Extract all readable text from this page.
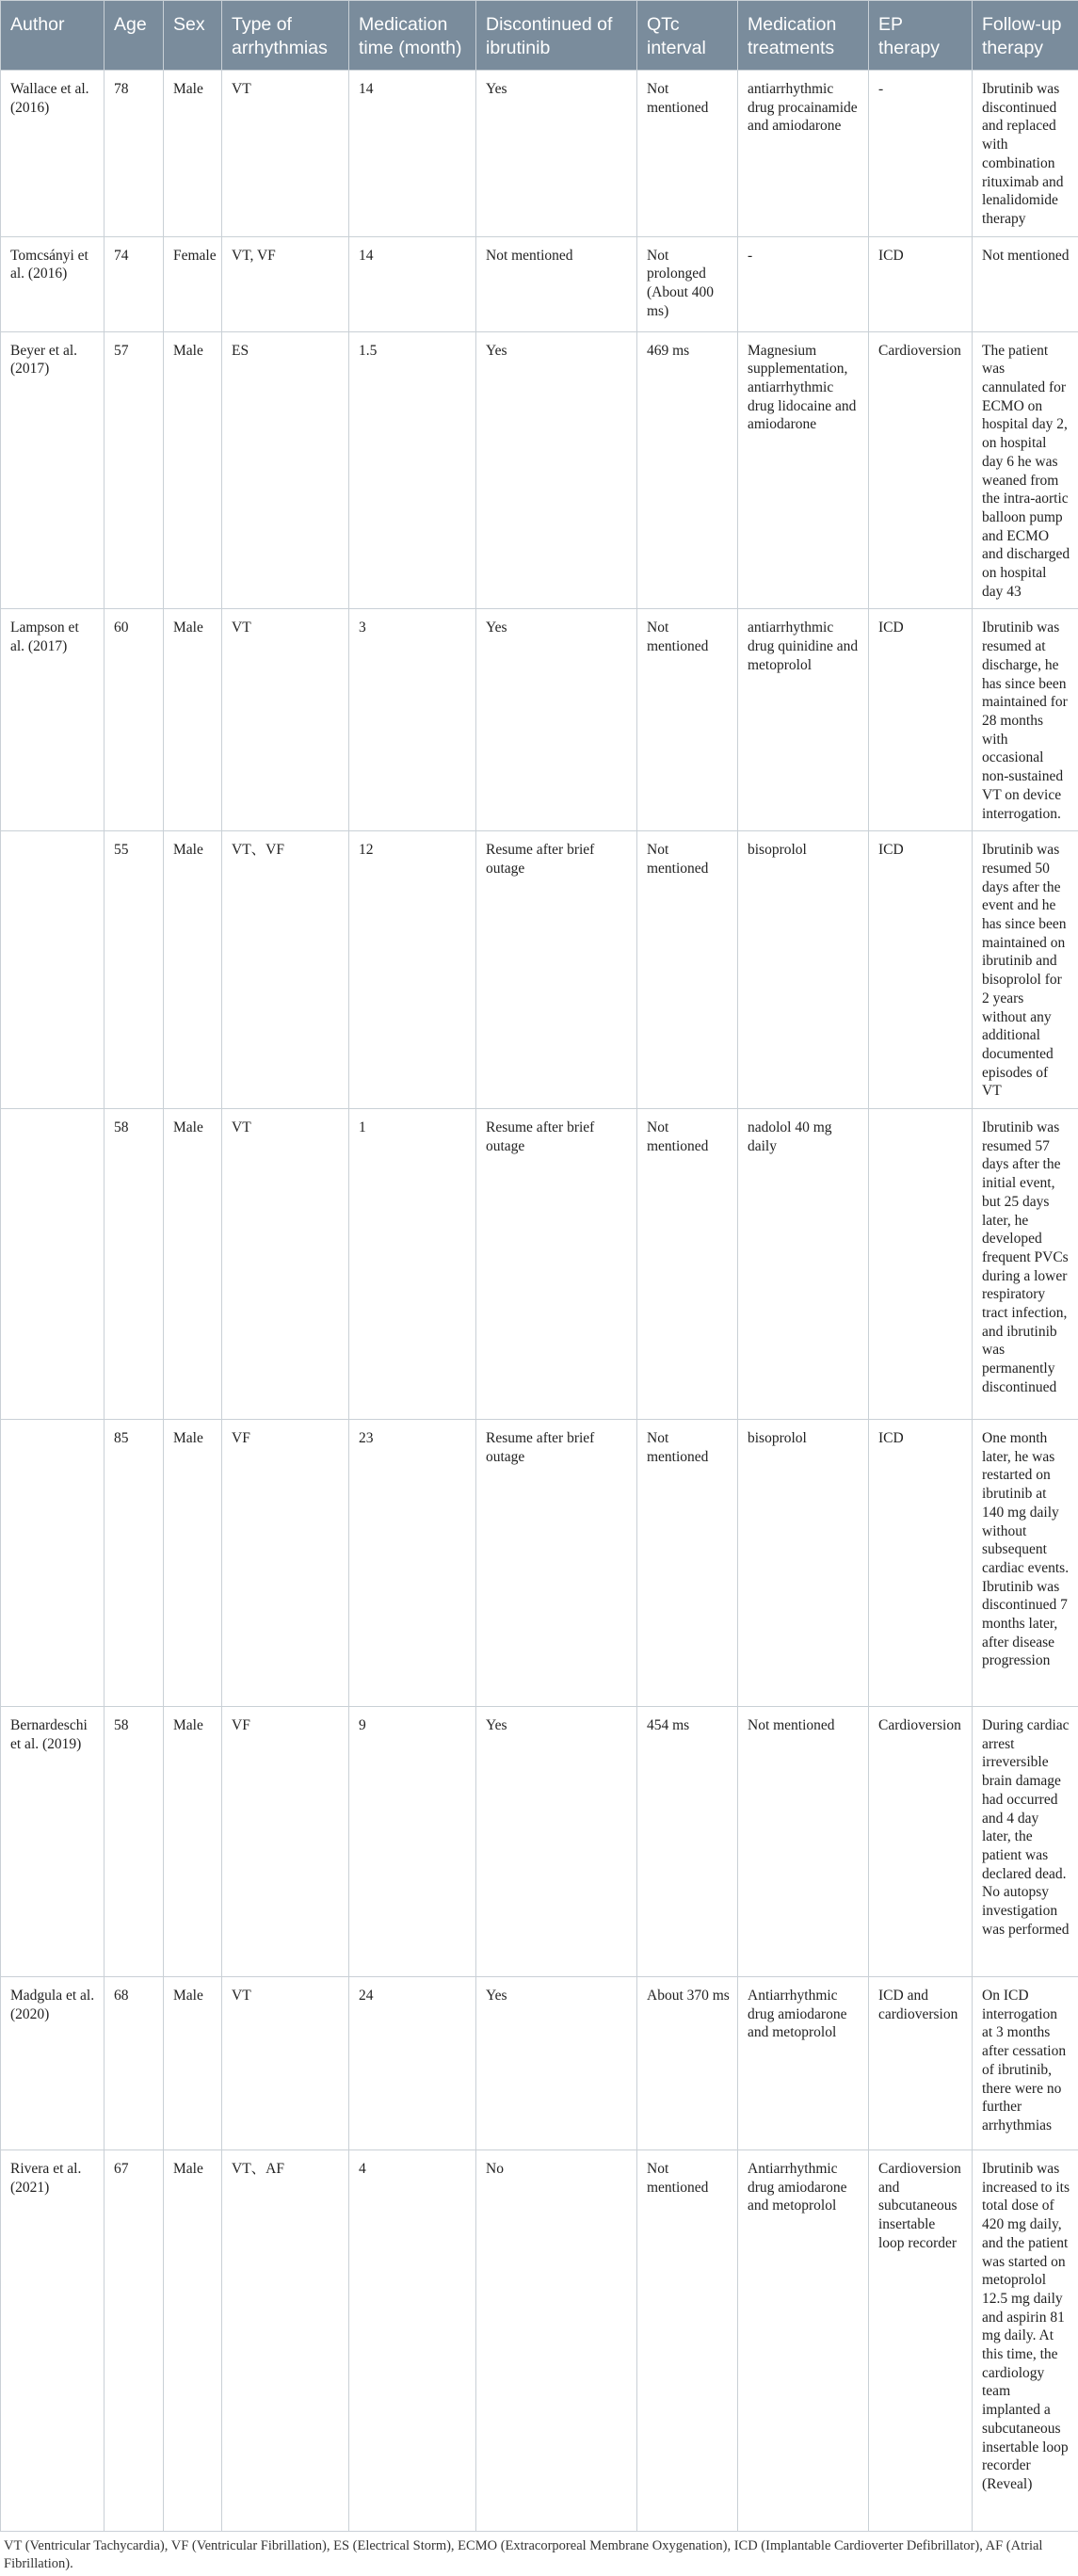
Author	Age	Sex	Type of arrhythmias	Medication time (month)	Discontinued of ibrutinib	QTc interval	Medication treatments	EP therapy	Follow-up therapy
Wallace et al. (2016)	78	Male	VT	14	Yes	Not mentioned	antiarrhythmic drug procainamide and amiodarone	-	Ibrutinib was discontinued and replaced with combination rituximab and lenalidomide therapy
Tomcsányi et al. (2016)	74	Female	VT, VF	14	Not mentioned	Not prolonged (About 400 ms)	-	ICD	Not mentioned
Beyer et al. (2017)	57	Male	ES	1.5	Yes	469 ms	Magnesium supplementation, antiarrhythmic drug lidocaine and amiodarone	Cardioversion	The patient was cannulated for ECMO on hospital day 2, on hospital day 6 he was weaned from the intra-aortic balloon pump and ECMO and discharged on hospital day 43
Lampson et al. (2017)	60	Male	VT	3	Yes	Not mentioned	antiarrhythmic drug quinidine and metoprolol	ICD	Ibrutinib was resumed at discharge, he has since been maintained for 28 months with occasional non-sustained VT on device interrogation.
	55	Male	VT、VF	12	Resume after brief outage	Not mentioned	bisoprolol	ICD	Ibrutinib was resumed 50 days after the event and he has since been maintained on ibrutinib and bisoprolol for 2 years without any additional documented episodes of VT
	58	Male	VT	1	Resume after brief outage	Not mentioned	nadolol 40 mg daily		Ibrutinib was resumed 57 days after the initial event, but 25 days later, he developed frequent PVCs during a lower respiratory tract infection, and ibrutinib was permanently discontinued
	85	Male	VF	23	Resume after brief outage	Not mentioned	bisoprolol	ICD	One month later, he was restarted on ibrutinib at 140 mg daily without subsequent cardiac events. Ibrutinib was discontinued 7 months later, after disease progression
Bernardeschi et al. (2019)	58	Male	VF	9	Yes	454 ms	Not mentioned	Cardioversion	During cardiac arrest irreversible brain damage had occurred and 4 day later, the patient was declared dead. No autopsy investigation was performed
Madgula et al. (2020)	68	Male	VT	24	Yes	About 370 ms	Antiarrhythmic drug amiodarone and metoprolol	ICD and cardioversion	On ICD interrogation at 3 months after cessation of ibrutinib, there were no further arrhythmias
Rivera et al. (2021)	67	Male	VT、AF	4	No	Not mentioned	Antiarrhythmic drug amiodarone and metoprolol	Cardioversion and subcutaneous insertable loop recorder	Ibrutinib was increased to its total dose of 420 mg daily, and the patient was started on metoprolol 12.5 mg daily and aspirin 81 mg daily. At this time, the cardiology team implanted a subcutaneous insertable loop recorder (Reveal)
VT (Ventricular Tachycardia), VF (Ventricular Fibrillation), ES (Electrical Storm), ECMO (Extracorporeal Membrane Oxygenation), ICD (Implantable Cardioverter Defibrillator), AF (Atrial Fibrillation).
